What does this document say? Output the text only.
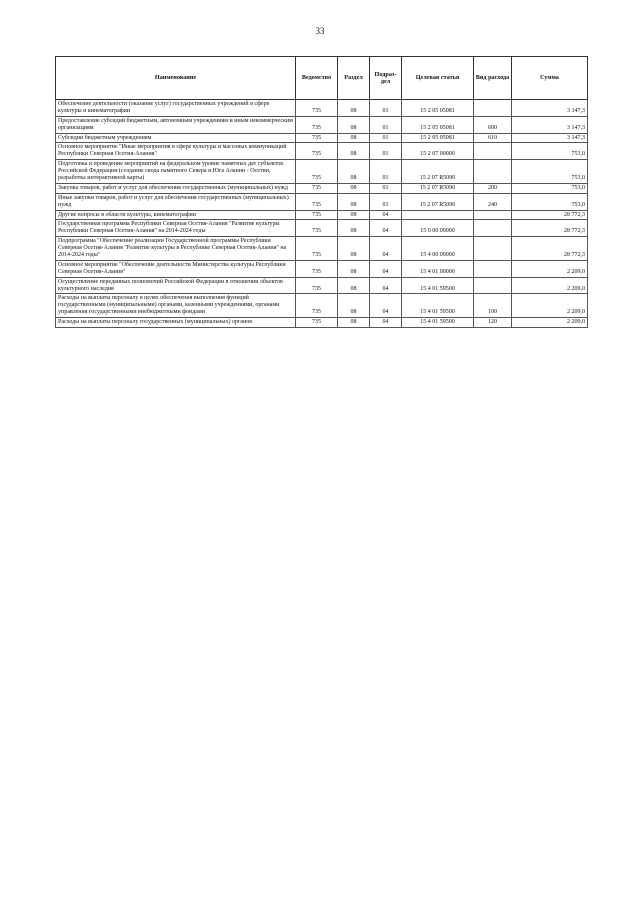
33
Наименование	Ведомство	Раздел	Подраз- дел	Целевая статья	Вид расхода	Сумма
Обеспечение деятельности (оказание услуг) государственных учреждений в сфере культуры и кинематографии	735	08	01	15 2 05 05081		3 147,3
Предоставление субсидий бюджетным, автономным учреждениям и иным некоммерческим организациям	735	08	01	15 2 05 05081	600	3 147,3
Субсидии бюджетным учреждениям	735	08	01	15 2 05 05081	610	3 147,3
Основное мероприятие "Иные мероприятия в сфере культуры и массовых коммуникаций Республики Северная Осетия-Алания"	735	08	01	15 2 07 00000		753,0
Подготовка и проведение мероприятий на федеральном уровне памятных дат субъектов Российской Федерации (создание свода памятного Севера и Юга Алании - Осетии, разработка интерактивной карты)	735	08	01	15 2 07 R5090		753,0
Закупка товаров, работ и услуг для обеспечения государственных (муниципальных) нужд	735	08	01	15 2 07 R5090	200	753,0
Иные закупки товаров, работ и услуг для обеспечения государственных (муниципальных) нужд	735	08	01	15 2 07 R5090	240	753,0
Другие вопросы в области культуры, кинематографии	735	08	04			28 772,3
Государственная программа Республики Северная Осетия-Алания "Развитие культуры Республики Северная Осетия-Алания" на 2014-2024 годы	735	08	04	15 0 00 00000		28 772,3
Подпрограмма "Обеспечение реализации Государственной программы Республики Северная Осетия-Алания "Развитие культуры в Республике Северная Осетия-Алания" на 2014-2024 годы"	735	08	04	15 4 00 00000		28 772,3
Основное мероприятие "Обеспечение деятельности Министерства культуры Республики Северная Осетия-Алания"	735	08	04	15 4 01 00000		2 209,0
Осуществление переданных полномочий Российской Федерации в отношении объектов культурного наследия	735	08	04	15 4 01 59500		2 209,0
Расходы на выплаты персоналу в целях обеспечения выполнения функций государственными (муниципальными) органами, казенными учреждениями, органами управления государственными внебюджетными фондами	735	08	04	15 4 01 59500	100	2 209,0
Расходы на выплаты персоналу государственных (муниципальных) органов	735	08	04	15 4 01 59500	120	2 209,0
